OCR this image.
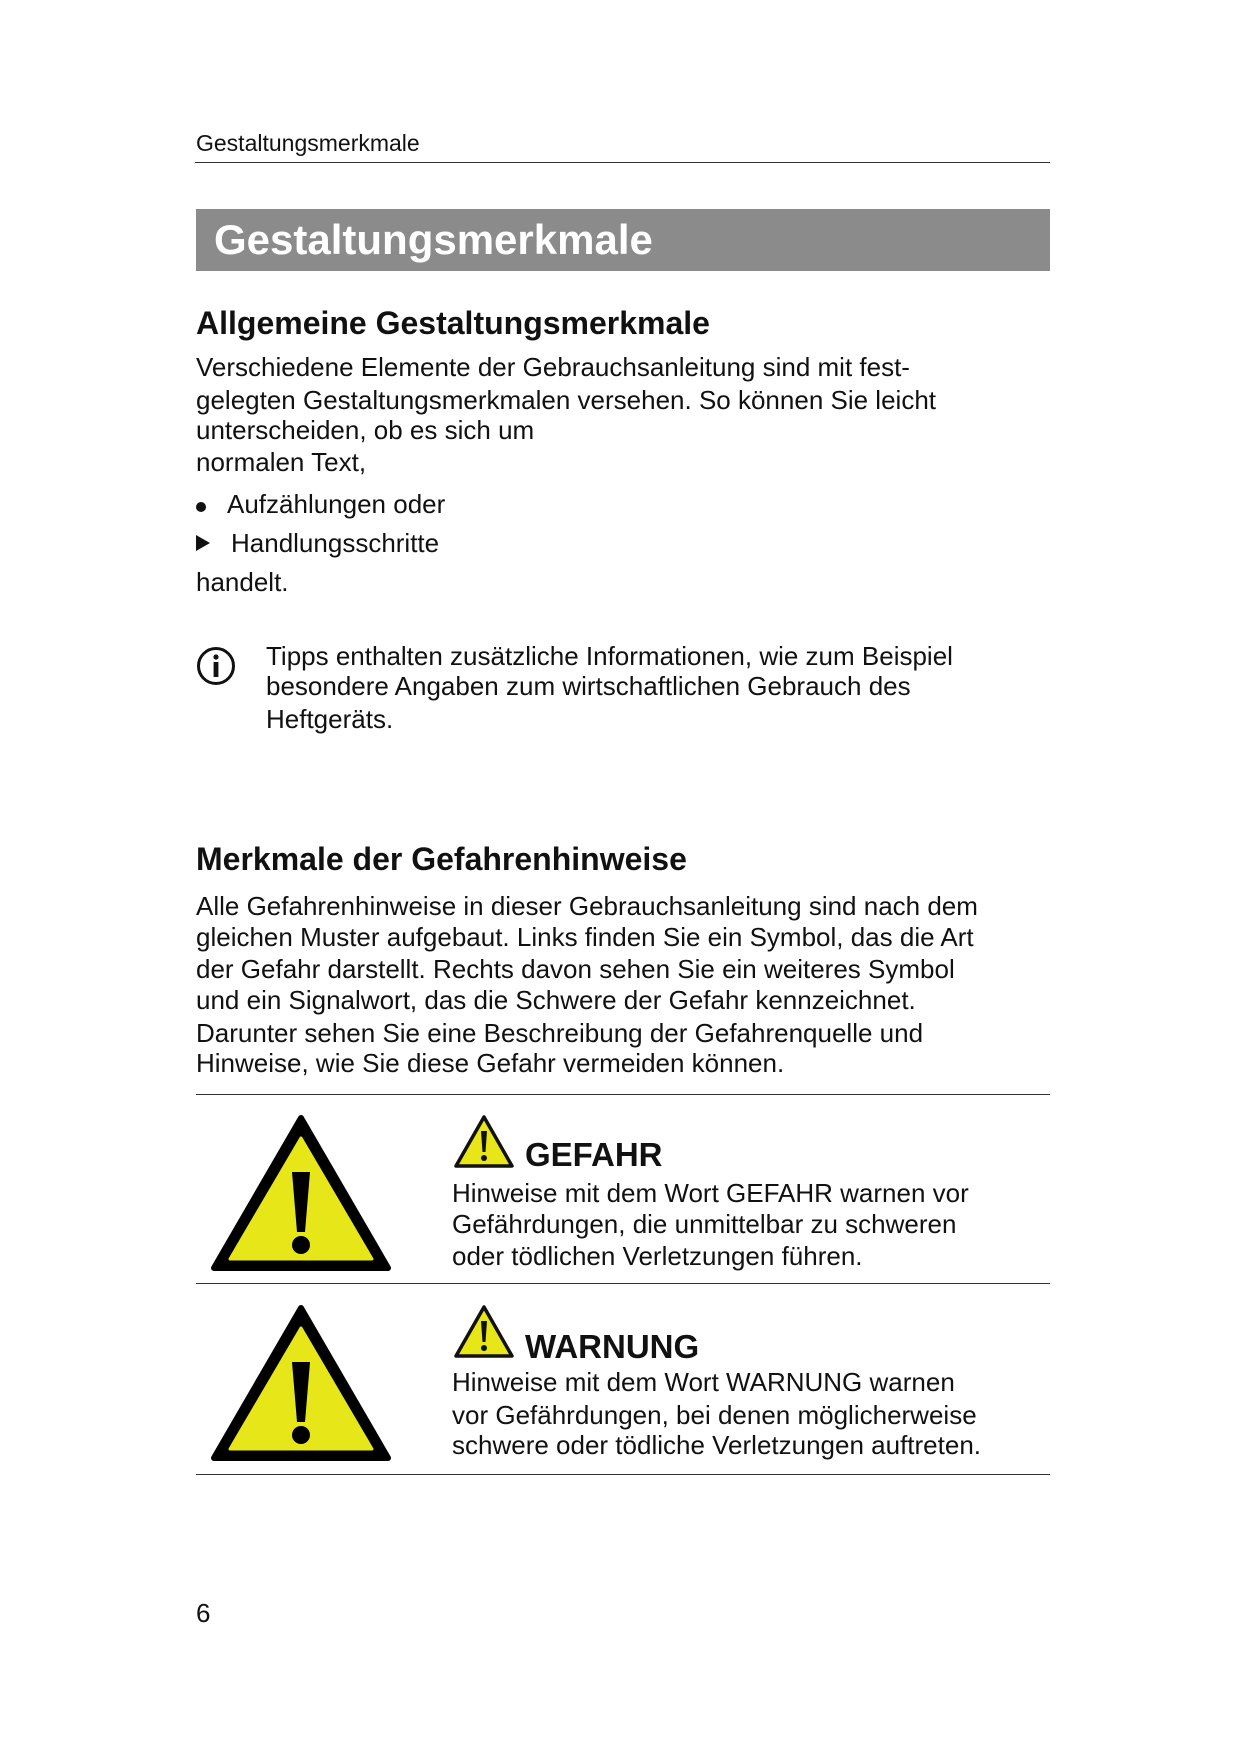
Gestaltungsmerkmale
Gestaltungsmerkmale
Allgemeine Gestaltungsmerkmale
Verschiedene Elemente der Gebrauchsanleitung sind mit fest-
gelegten Gestaltungsmerkmalen versehen. So können Sie leicht
unterscheiden, ob es sich um
normalen Text,
Aufzählungen oder
Handlungsschritte
handelt.
Tipps enthalten zusätzliche Informationen, wie zum Beispiel
besondere Angaben zum wirtschaftlichen Gebrauch des
Heftgeräts.
Merkmale der Gefahrenhinweise
Alle Gefahrenhinweise in dieser Gebrauchsanleitung sind nach dem
gleichen Muster aufgebaut. Links finden Sie ein Symbol, das die Art
der Gefahr darstellt. Rechts davon sehen Sie ein weiteres Symbol
und ein Signalwort, das die Schwere der Gefahr kennzeichnet.
Darunter sehen Sie eine Beschreibung der Gefahrenquelle und
Hinweise, wie Sie diese Gefahr vermeiden können.
GEFAHR
Hinweise mit dem Wort GEFAHR warnen vor
Gefährdungen, die unmittelbar zu schweren
oder tödlichen Verletzungen führen.
WARNUNG
Hinweise mit dem Wort WARNUNG warnen
vor Gefährdungen, bei denen möglicherweise
schwere oder tödliche Verletzungen auftreten.
6
